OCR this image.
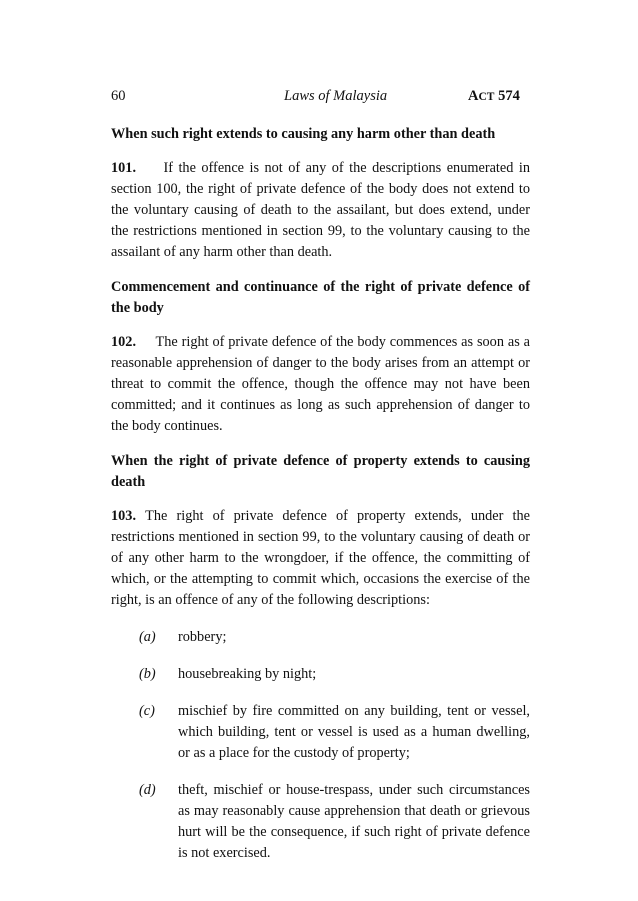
60	Laws of Malaysia	ACT 574

When such right extends to causing any harm other than death

101. If the offence is not of any of the descriptions enumerated in section 100, the right of private defence of the body does not extend to the voluntary causing of death to the assailant, but does extend, under the restrictions mentioned in section 99, to the voluntary causing to the assailant of any harm other than death.

Commencement and continuance of the right of private defence of the body

102. The right of private defence of the body commences as soon as a reasonable apprehension of danger to the body arises from an attempt or threat to commit the offence, though the offence may not have been committed; and it continues as long as such apprehension of danger to the body continues.

When the right of private defence of property extends to causing death

103. The right of private defence of property extends, under the restrictions mentioned in section 99, to the voluntary causing of death or of any other harm to the wrongdoer, if the offence, the committing of which, or the attempting to commit which, occasions the exercise of the right, is an offence of any of the following descriptions:

(a) robbery;
(b) housebreaking by night;
(c) mischief by fire committed on any building, tent or vessel, which building, tent or vessel is used as a human dwelling, or as a place for the custody of property;
(d) theft, mischief or house-trespass, under such circumstances as may reasonably cause apprehension that death or grievous hurt will be the consequence, if such right of private defence is not exercised.
